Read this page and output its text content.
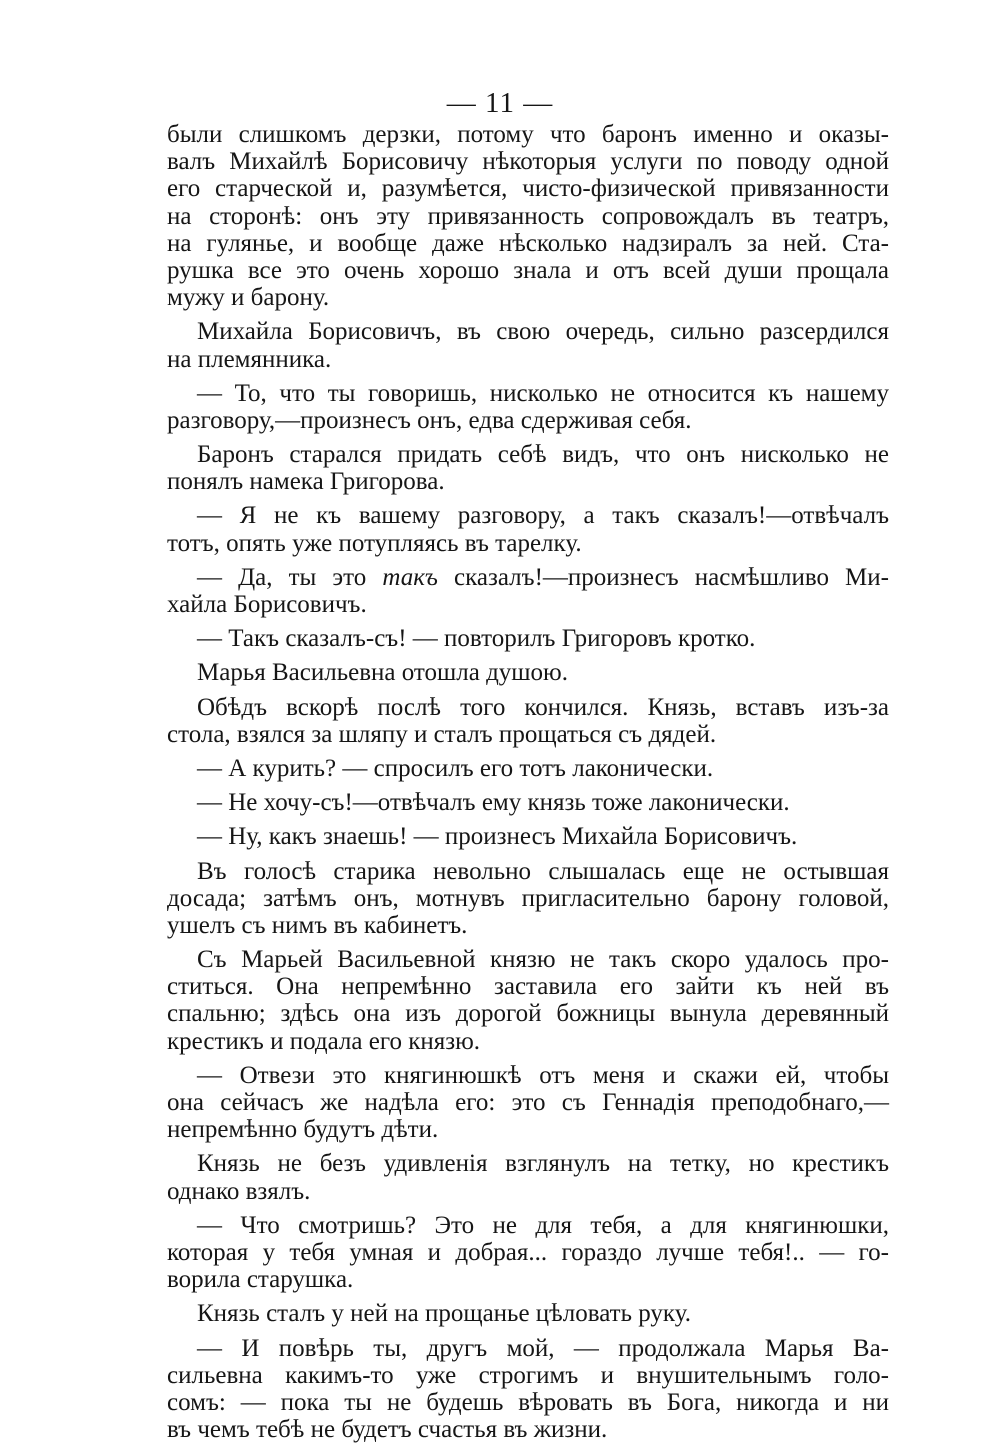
— 11 —
были слишкомъ дерзки, потому что баронъ именно и оказы-
валъ Михайлѣ Борисовичу нѣкоторыя услуги по поводу одной
его старческой и, разумѣется, чисто-физической привязанности
на сторонѣ: онъ эту привязанность сопровождалъ въ театръ,
на гулянье, и вообще даже нѣсколько надзиралъ за ней. Ста-
рушка все это очень хорошо знала и отъ всей души прощала
мужу и барону.
Михайла Борисовичъ, въ свою очередь, сильно разсердился
на племянника.
— То, что ты говоришь, нисколько не относится къ нашему
разговору,—произнесъ онъ, едва сдерживая себя.
Баронъ старался придать себѣ видъ, что онъ нисколько не
понялъ намека Григорова.
— Я не къ вашему разговору, а такъ сказалъ!—отвѣчалъ
тотъ, опять уже потупляясь въ тарелку.
— Да, ты это такъ сказалъ!—произнесъ насмѣшливо Ми-
хайла Борисовичъ.
— Такъ сказалъ-съ! — повторилъ Григоровъ кротко.
Марья Васильевна отошла душою.
Обѣдъ вскорѣ послѣ того кончился. Князь, вставъ изъ-за
стола, взялся за шляпу и сталъ прощаться съ дядей.
— А курить? — спросилъ его тотъ лаконически.
— Не хочу-съ!—отвѣчалъ ему князь тоже лаконически.
— Ну, какъ знаешь! — произнесъ Михайла Борисовичъ.
Въ голосѣ старика невольно слышалась еще не остывшая
досада; затѣмъ онъ, мотнувъ пригласительно барону головой,
ушелъ съ нимъ въ кабинетъ.
Съ Марьей Васильевной князю не такъ скоро удалось про-
ститься. Она непремѣнно заставила его зайти къ ней въ
спальню; здѣсь она изъ дорогой божницы вынула деревянный
крестикъ и подала его князю.
— Отвези это княгинюшкѣ отъ меня и скажи ей, чтобы
она сейчасъ же надѣла его: это съ Геннадія преподобнаго,—
непремѣнно будутъ дѣти.
Князь не безъ удивленія взглянулъ на тетку, но крестикъ
однако взялъ.
— Что смотришь? Это не для тебя, а для княгинюшки,
которая у тебя умная и добрая... гораздо лучше тебя!.. — го-
ворила старушка.
Князь сталъ у ней на прощанье цѣловать руку.
— И повѣрь ты, другъ мой, — продолжала Марья Ва-
сильевна какимъ-то уже строгимъ и внушительнымъ голо-
сомъ: — пока ты не будешь вѣровать въ Бога, никогда и ни
въ чемъ тебѣ не будетъ счастья въ жизни.
